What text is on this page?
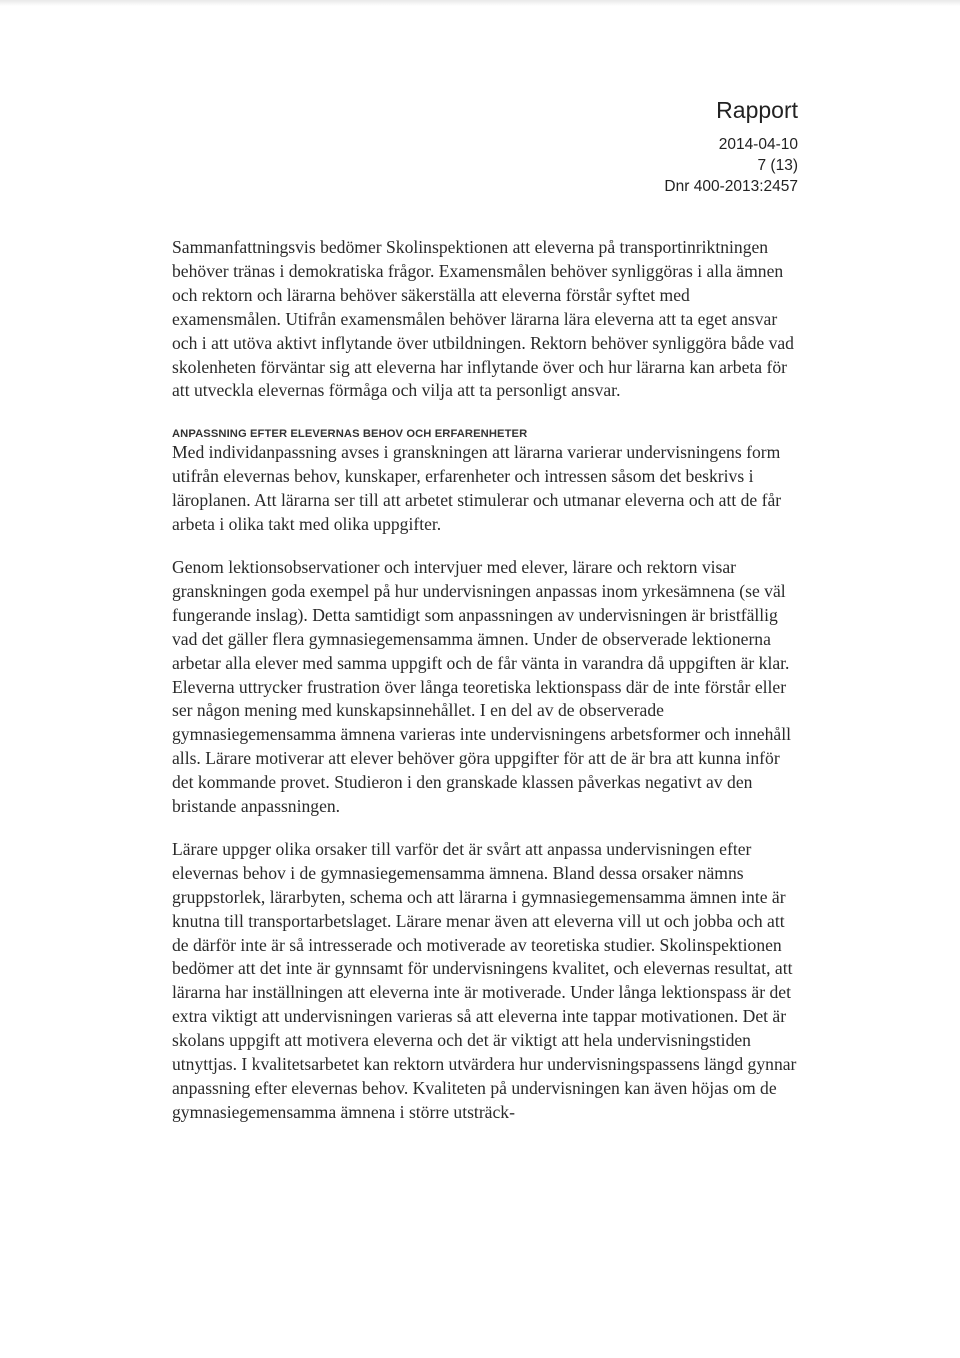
Rapport
2014-04-10
7 (13)
Dnr 400-2013:2457

Sammanfattningsvis bedömer Skolinspektionen att eleverna på transportinriktningen behöver tränas i demokratiska frågor. Examensmålen behöver synliggöras i alla ämnen och rektorn och lärarna behöver säkerställa att eleverna förstår syftet med examensmålen. Utifrån examensmålen behöver lärarna lära eleverna att ta eget ansvar och i att utöva aktivt inflytande över utbildningen. Rektorn behöver synliggöra både vad skolenheten förväntar sig att eleverna har inflytande över och hur lärarna kan arbeta för att utveckla elevernas förmåga och vilja att ta personligt ansvar.

ANPASSNING EFTER ELEVERNAS BEHOV OCH ERFARENHETER

Med individanpassning avses i granskningen att lärarna varierar undervisningens form utifrån elevernas behov, kunskaper, erfarenheter och intressen såsom det beskrivs i läroplanen. Att lärarna ser till att arbetet stimulerar och utmanar eleverna och att de får arbeta i olika takt med olika uppgifter.

Genom lektionsobservationer och intervjuer med elever, lärare och rektorn visar granskningen goda exempel på hur undervisningen anpassas inom yrkesämnena (se väl fungerande inslag). Detta samtidigt som anpassningen av undervisningen är bristfällig vad det gäller flera gymnasiegemensamma ämnen. Under de observerade lektionerna arbetar alla elever med samma uppgift och de får vänta in varandra då uppgiften är klar. Eleverna uttrycker frustration över långa teoretiska lektionspass där de inte förstår eller ser någon mening med kunskapsinnehållet. I en del av de observerade gymnasiegemensamma ämnena varieras inte undervisningens arbetsformer och innehåll alls. Lärare motiverar att elever behöver göra uppgifter för att de är bra att kunna inför det kommande provet. Studieron i den granskade klassen påverkas negativt av den bristande anpassningen.

Lärare uppger olika orsaker till varför det är svårt att anpassa undervisningen efter elevernas behov i de gymnasiegemensamma ämnena. Bland dessa orsaker nämns gruppstorlek, lärarbyten, schema och att lärarna i gymnasiegemensamma ämnen inte är knutna till transportarbetslaget. Lärare menar även att eleverna vill ut och jobba och att de därför inte är så intresserade och motiverade av teoretiska studier. Skolinspektionen bedömer att det inte är gynnsamt för undervisningens kvalitet, och elevernas resultat, att lärarna har inställningen att eleverna inte är motiverade. Under långa lektionspass är det extra viktigt att undervisningen varieras så att eleverna inte tappar motivationen. Det är skolans uppgift att motivera eleverna och det är viktigt att hela undervisningstiden utnyttjas. I kvalitetsarbetet kan rektorn utvärdera hur undervisningspassens längd gynnar anpassning efter elevernas behov. Kvaliteten på undervisningen kan även höjas om de gymnasiegemensamma ämnena i större utsträck-
